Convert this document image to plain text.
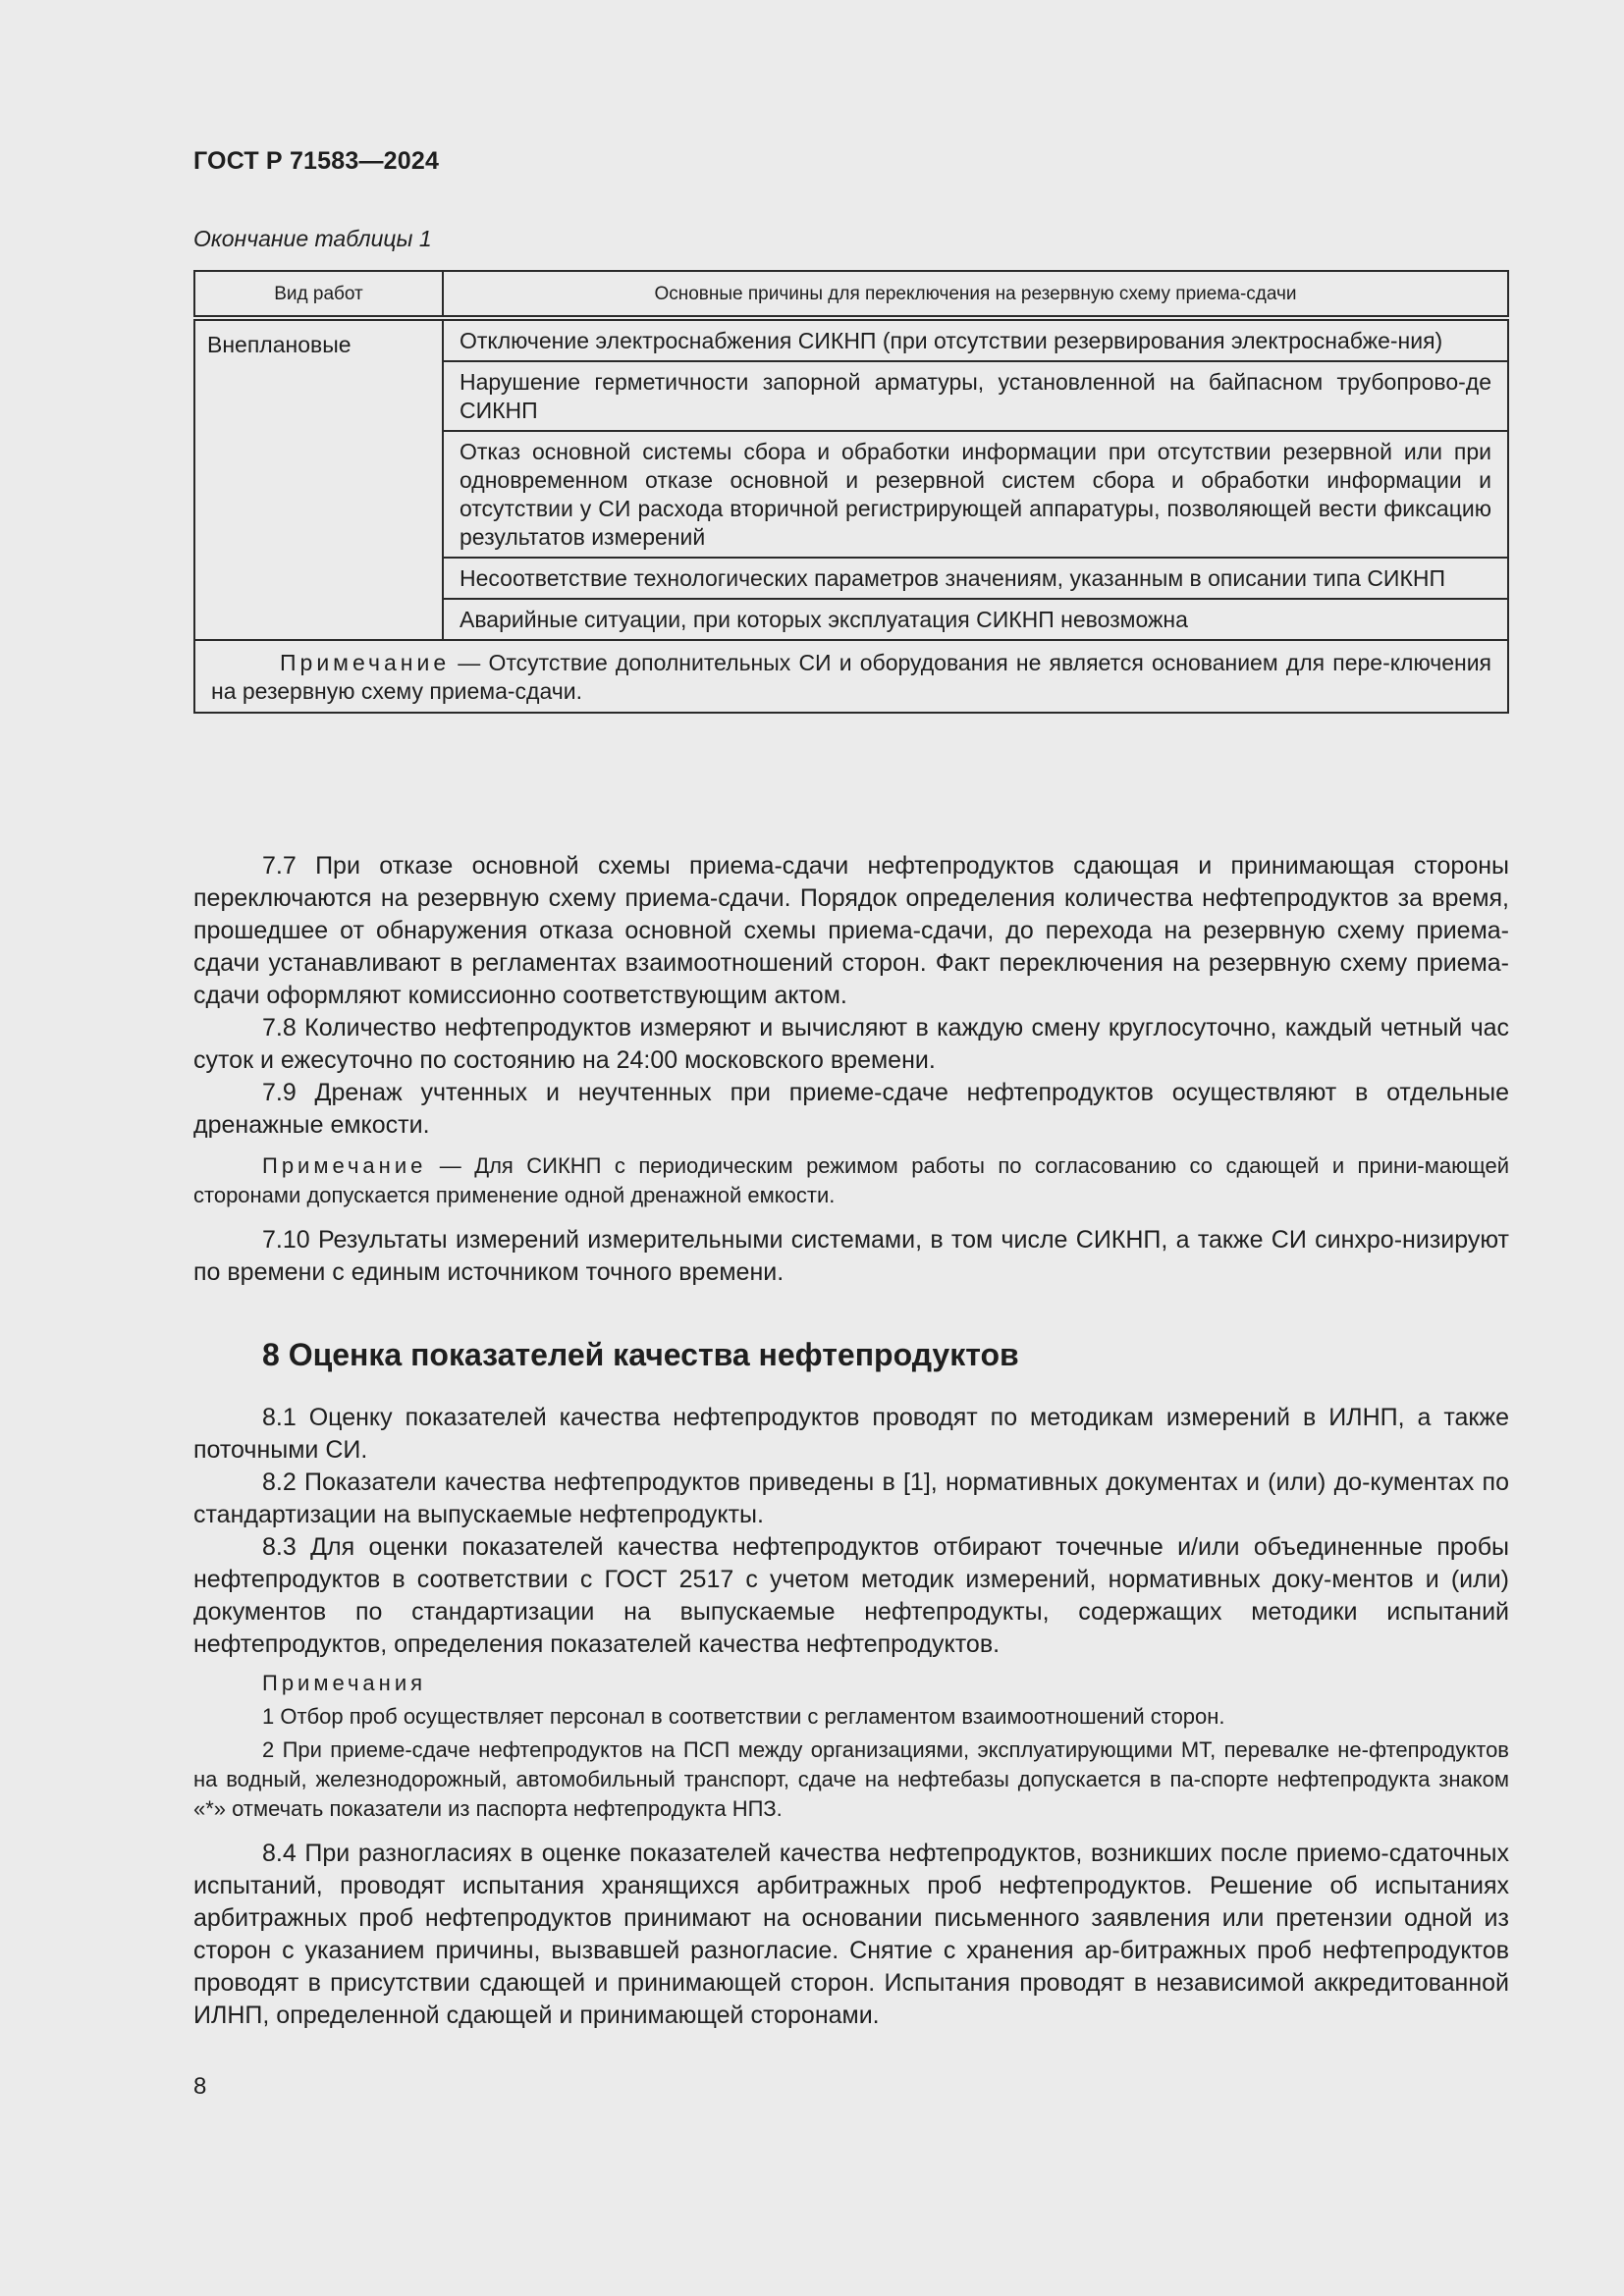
ГОСТ Р 71583—2024
Окончание таблицы 1
Вид работ	Основные причины для переключения на резервную схему приема-сдачи
Внеплановые	Отключение электроснабжения СИКНП (при отсутствии резервирования электроснабже-ния)
	Нарушение герметичности запорной арматуры, установленной на байпасном трубопрово-де СИКНП
	Отказ основной системы сбора и обработки информации при отсутствии резервной или при одновременном отказе основной и резервной систем сбора и обработки информации и отсутствии у СИ расхода вторичной регистрирующей аппаратуры, позволяющей вести фиксацию результатов измерений
	Несоответствие технологических параметров значениям, указанным в описании типа СИКНП
	Аварийные ситуации, при которых эксплуатация СИКНП невозможна
Примечание — Отсутствие дополнительных СИ и оборудования не является основанием для пере-ключения на резервную схему приема-сдачи.	

7.7 При отказе основной схемы приема-сдачи нефтепродуктов сдающая и принимающая стороны переключаются на резервную схему приема-сдачи. Порядок определения количества нефтепродуктов за время, прошедшее от обнаружения отказа основной схемы приема-сдачи, до перехода на резервную схему приема-сдачи устанавливают в регламентах взаимоотношений сторон. Факт переключения на резервную схему приема-сдачи оформляют комиссионно соответствующим актом.

7.8 Количество нефтепродуктов измеряют и вычисляют в каждую смену круглосуточно, каждый четный час суток и ежесуточно по состоянию на 24:00 московского времени.

7.9 Дренаж учтенных и неучтенных при приеме-сдаче нефтепродуктов осуществляют в отдельные дренажные емкости.

Примечание — Для СИКНП с периодическим режимом работы по согласованию со сдающей и прини-мающей сторонами допускается применение одной дренажной емкости.

7.10 Результаты измерений измерительными системами, в том числе СИКНП, а также СИ синхро-низируют по времени с единым источником точного времени.

8 Оценка показателей качества нефтепродуктов

8.1 Оценку показателей качества нефтепродуктов проводят по методикам измерений в ИЛНП, а также поточными СИ.

8.2 Показатели качества нефтепродуктов приведены в [1], нормативных документах и (или) до-кументах по стандартизации на выпускаемые нефтепродукты.

8.3 Для оценки показателей качества нефтепродуктов отбирают точечные и/или объединенные пробы нефтепродуктов в соответствии с ГОСТ 2517 с учетом методик измерений, нормативных доку-ментов и (или) документов по стандартизации на выпускаемые нефтепродукты, содержащих методики испытаний нефтепродуктов, определения показателей качества нефтепродуктов.

Примечания

1 Отбор проб осуществляет персонал в соответствии с регламентом взаимоотношений сторон.

2 При приеме-сдаче нефтепродуктов на ПСП между организациями, эксплуатирующими МТ, перевалке не-фтепродуктов на водный, железнодорожный, автомобильный транспорт, сдаче на нефтебазы допускается в па-спорте нефтепродукта знаком «*» отмечать показатели из паспорта нефтепродукта НПЗ.

8.4 При разногласиях в оценке показателей качества нефтепродуктов, возникших после приемо-сдаточных испытаний, проводят испытания хранящихся арбитражных проб нефтепродуктов. Решение об испытаниях арбитражных проб нефтепродуктов принимают на основании письменного заявления или претензии одной из сторон с указанием причины, вызвавшей разногласие. Снятие с хранения ар-битражных проб нефтепродуктов проводят в присутствии сдающей и принимающей сторон. Испытания проводят в независимой аккредитованной ИЛНП, определенной сдающей и принимающей сторонами.

8
